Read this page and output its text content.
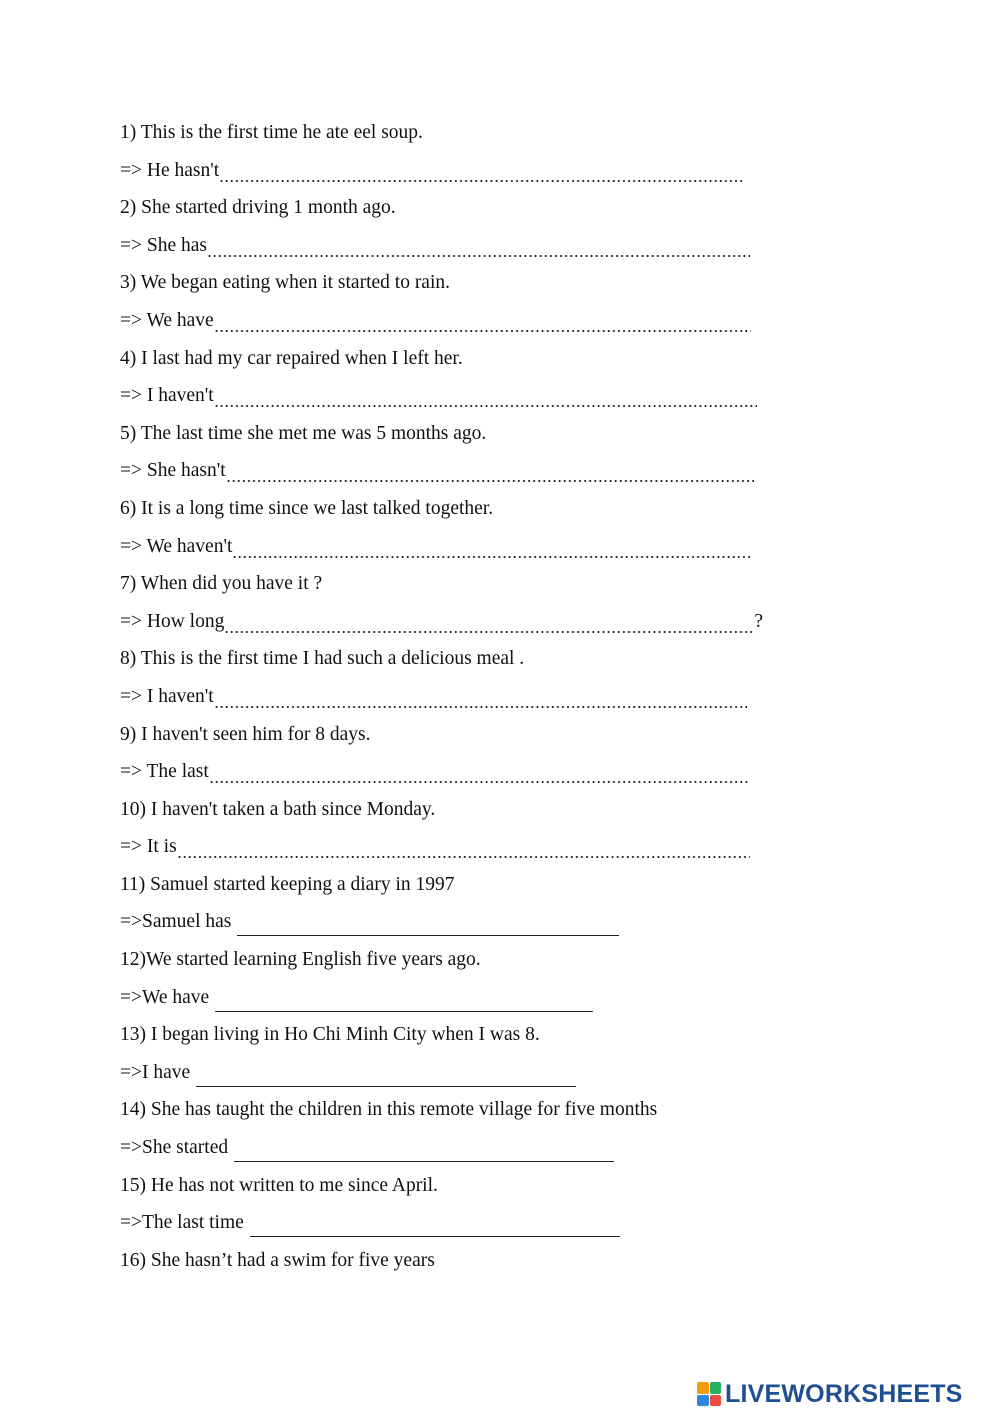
1) This is the first time he ate eel soup.
=> He hasn't
2) She started driving 1 month ago.
=> She has
3) We began eating when it started to rain.
=> We have
4) I last had my car repaired when I left her.
=> I haven't
5) The last time she met me was 5 months ago.
=> She hasn't
6) It is a long time since we last talked together.
=> We haven't
7) When did you have it ?
=> How long	?
8) This is the first time I had such a delicious meal .
=> I haven't
9) I haven't seen him for 8 days.
=> The last
10) I haven't taken a bath since Monday.
=> It is
11) Samuel started keeping a diary in 1997
=>Samuel has
12)We started learning English five years ago.
=>We have
13) I began living in Ho Chi Minh City when I was 8.
=>I have
14) She has taught the children in this remote village for five months
=>She started
15) He has not written to me since April.
=>The last time
16) She hasn’t had a swim for five years
LIVEWORKSHEETS
